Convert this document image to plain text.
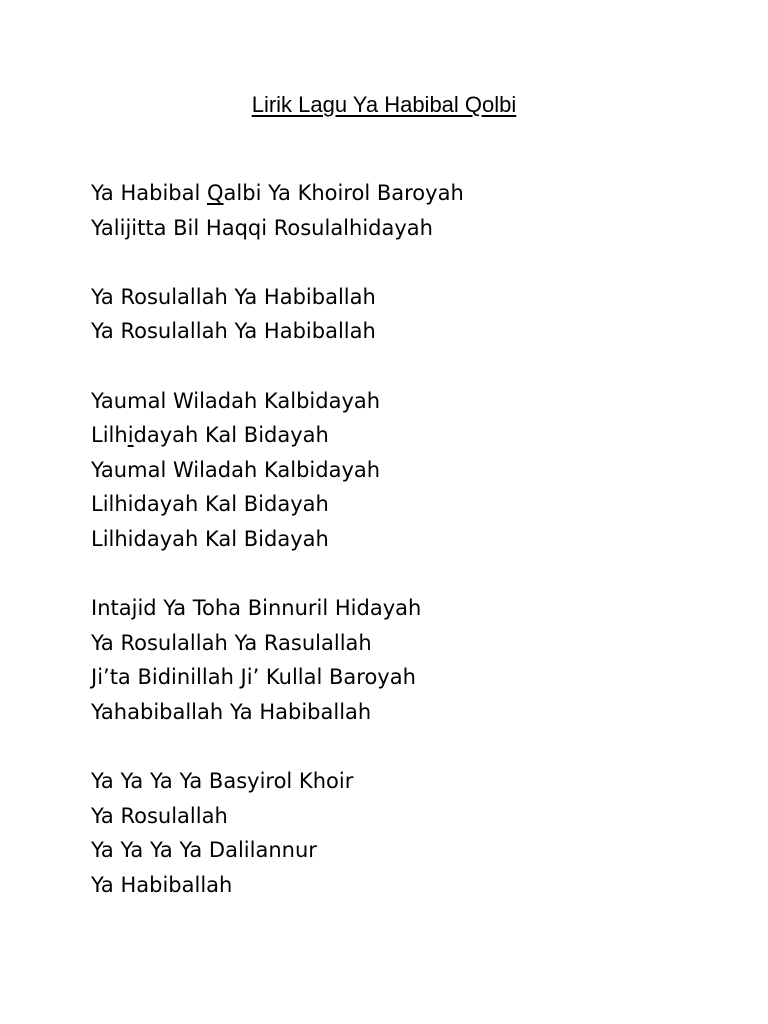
Lirik Lagu Ya Habibal Qolbi
Ya Habibal Qalbi Ya Khoirol Baroyah
Yalijitta Bil Haqqi Rosulalhidayah
Ya Rosulallah Ya Habiballah
Ya Rosulallah Ya Habiballah
Yaumal Wiladah Kalbidayah
Lilhidayah Kal Bidayah
Yaumal Wiladah Kalbidayah
Lilhidayah Kal Bidayah
Lilhidayah Kal Bidayah
Intajid Ya Toha Binnuril Hidayah
Ya Rosulallah Ya Rasulallah
Ji’ta Bidinillah Ji’ Kullal Baroyah
Yahabiballah Ya Habiballah
Ya Ya Ya Ya Basyirol Khoir
Ya Rosulallah
Ya Ya Ya Ya Dalilannur
Ya Habiballah
